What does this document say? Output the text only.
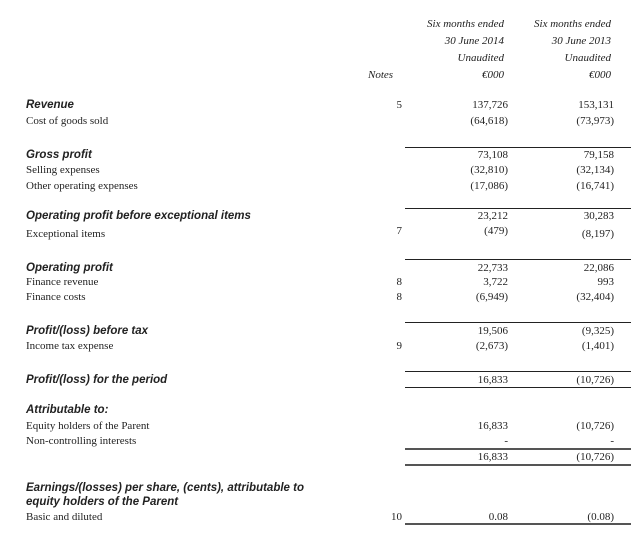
Six months ended
30 June 2014
Unaudited
€000
Six months ended
30 June 2013
Unaudited
€000
Notes
Revenue	5	137,726	153,131
Cost of goods sold	(64,618)	(73,973)
Gross profit	73,108	79,158
Selling expenses	(32,810)	(32,134)
Other operating expenses	(17,086)	(16,741)
Operating profit before exceptional items	23,212	30,283
Exceptional items	7	(479)	(8,197)
Operating profit	22,733	22,086
Finance revenue	8	3,722	993
Finance costs	8	(6,949)	(32,404)
Profit/(loss) before tax	19,506	(9,325)
Income tax expense	9	(2,673)	(1,401)
Profit/(loss) for the period	16,833	(10,726)
Attributable to:
Equity holders of the Parent	16,833	(10,726)
Non-controlling interests	-	-
16,833	(10,726)
Earnings/(losses) per share, (cents), attributable to
equity holders of the Parent
Basic and diluted	10	0.08	(0.08)
